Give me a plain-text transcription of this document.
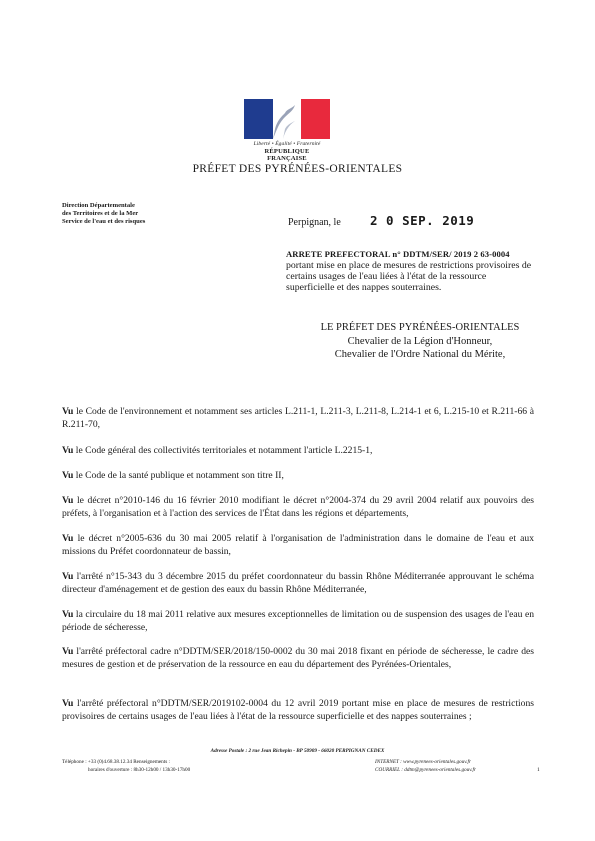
Liberté • Égalité • Fraternité
RÉPUBLIQUE FRANÇAISE
PRÉFET DES PYRÉNÉES-ORIENTALES
Direction Départementale
des Territoires et de la Mer
Service de l'eau et des risques	Perpignan, le 2 0 SEP. 2019
ARRETE PREFECTORAL n° DDTM/SER/ 2019 2 63-0004
portant mise en place de mesures de restrictions provisoires de certains usages de l'eau liées à l'état de la ressource superficielle et des nappes souterraines.
LE PRÉFET DES PYRÉNÉES-ORIENTALES
Chevalier de la Légion d'Honneur,
Chevalier de l'Ordre National du Mérite,
Vu le Code de l'environnement et notamment ses articles L.211-1, L.211-3, L.211-8, L.214-1 et 6, L.215-10 et R.211-66 à R.211-70,
Vu le Code général des collectivités territoriales et notamment l'article L.2215-1,
Vu le Code de la santé publique et notamment son titre II,
Vu le décret n°2010-146 du 16 février 2010 modifiant le décret n°2004-374 du 29 avril 2004 relatif aux pouvoirs des préfets, à l'organisation et à l'action des services de l'État dans les régions et départements,
Vu le décret n°2005-636 du 30 mai 2005 relatif à l'organisation de l'administration dans le domaine de l'eau et aux missions du Préfet coordonnateur de bassin,
Vu l'arrêté n°15-343 du 3 décembre 2015 du préfet coordonnateur du bassin Rhône Méditerranée approuvant le schéma directeur d'aménagement et de gestion des eaux du bassin Rhône Méditerranée,
Vu la circulaire du 18 mai 2011 relative aux mesures exceptionnelles de limitation ou de suspension des usages de l'eau en période de sécheresse,
Vu l'arrêté préfectoral cadre n°DDTM/SER/2018/150-0002 du 30 mai 2018 fixant en période de sécheresse, le cadre des mesures de gestion et de préservation de la ressource en eau du département des Pyrénées-Orientales,
Vu l'arrêté préfectoral n°DDTM/SER/2019102-0004 du 12 avril 2019 portant mise en place de mesures de restrictions provisoires de certains usages de l'eau liées à l'état de la ressource superficielle et des nappes souterraines ;
Adresse Postale : 2 rue Jean Richepin - BP 50909 - 66020 PERPIGNAN CEDEX
Téléphone : +33 (0)4.68.38.12.34 Renseignements :
horaires d'ouverture : 8h30-12h00 / 13h30-17h00
INTERNET : www.pyrenees-orientales.gouv.fr
COURRIEL : ddtm@pyrenees-orientales.gouv.fr	1
